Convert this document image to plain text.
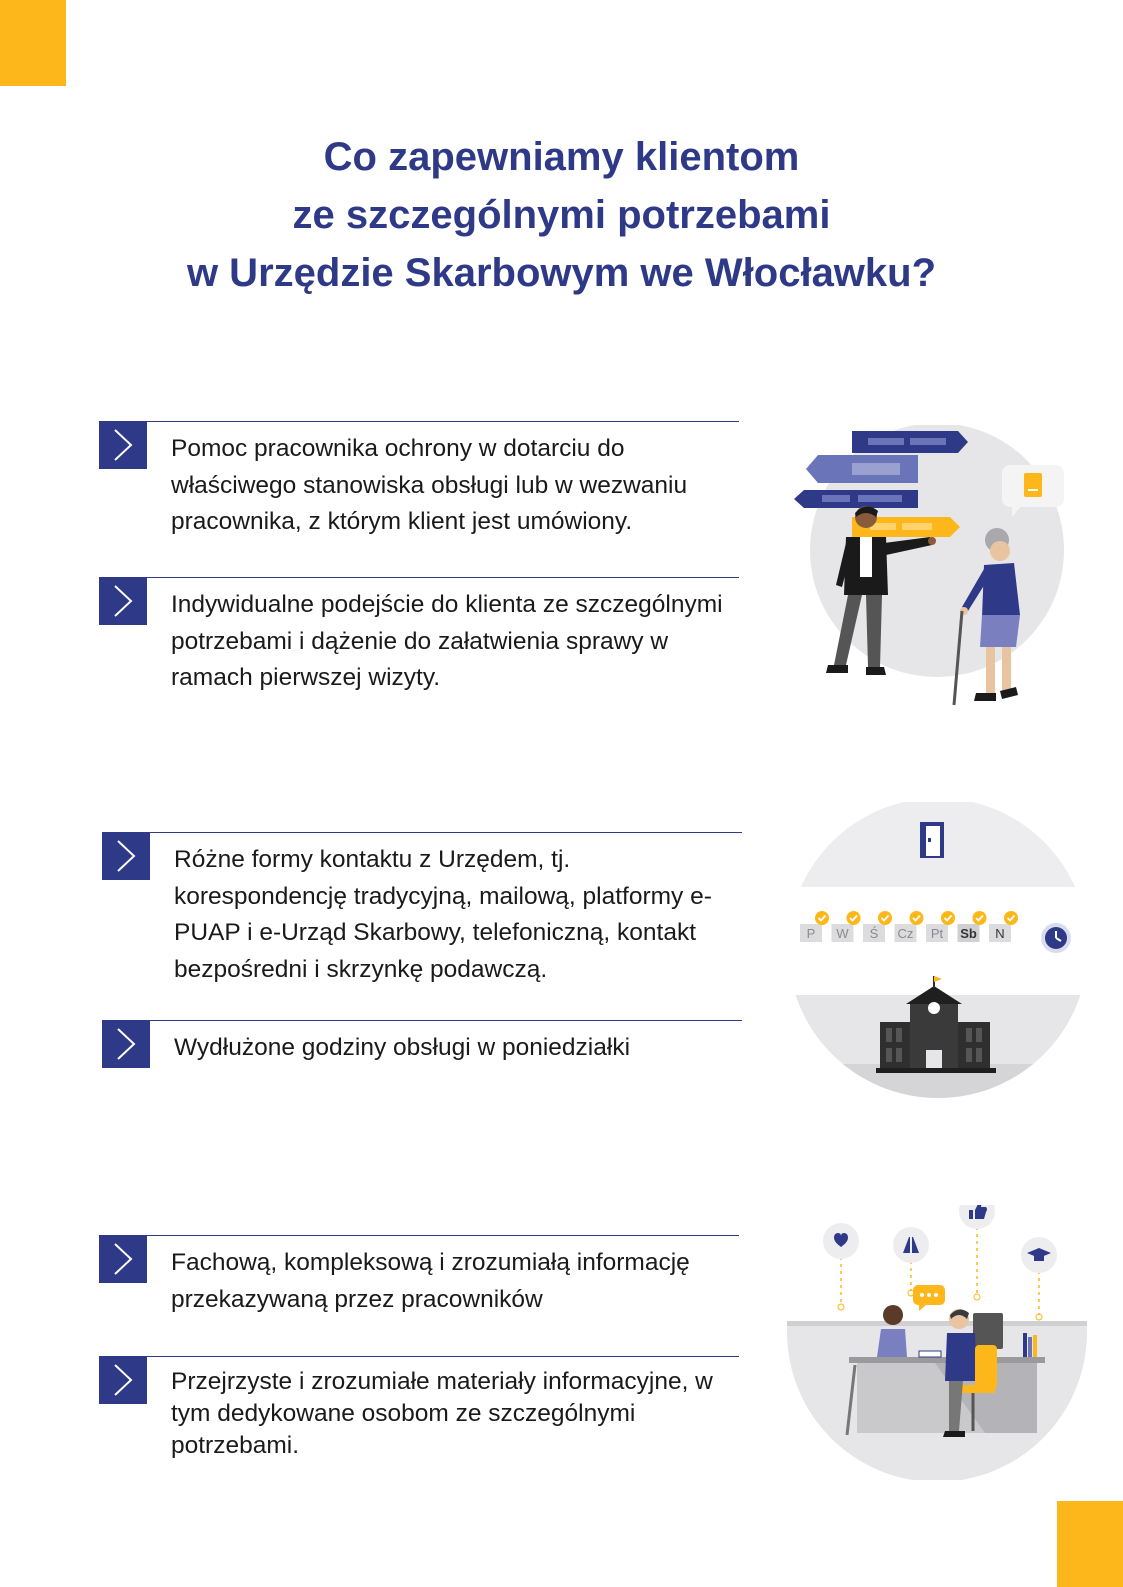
Co zapewniamy klientom
ze szczególnymi potrzebami
w Urzędzie Skarbowym we Włocławku?
Pomoc pracownika ochrony w dotarciu do właściwego stanowiska obsługi lub w wezwaniu pracownika, z którym klient jest umówiony.
Indywidualne podejście do klienta ze szczególnymi potrzebami i dążenie do załatwienia sprawy w ramach pierwszej wizyty.
Różne formy kontaktu z Urzędem, tj. korespondencję tradycyjną, mailową, platformy e-PUAP i e-Urząd Skarbowy, telefoniczną, kontakt bezpośredni i skrzynkę podawczą.
Wydłużone godziny obsługi w poniedziałki
Fachową, kompleksową i zrozumiałą informację przekazywaną przez pracowników
Przejrzyste i zrozumiałe materiały informacyjne, w tym dedykowane osobom ze szczególnymi potrzebami.
P W Ś Cz Pt Sb N
